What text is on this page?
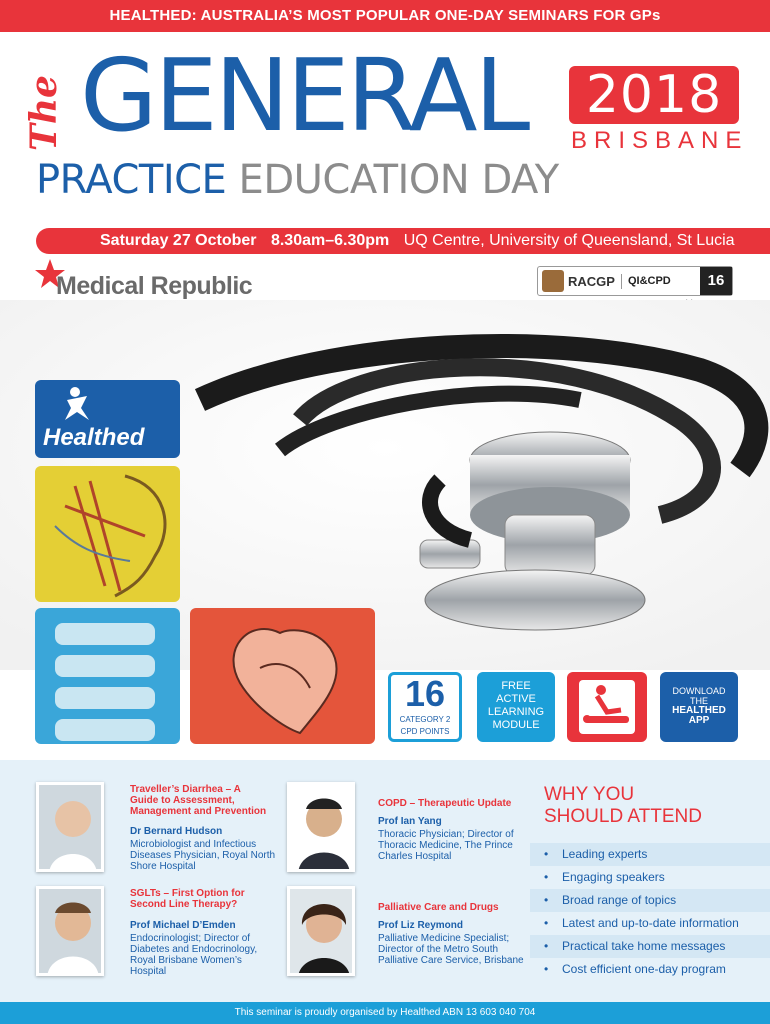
HEALTHED: AUSTRALIA’S MOST POPULAR ONE-DAY SEMINARS FOR GPs
The GENERAL	2018
BRISBANE
PRACTICE EDUCATION DAY
Saturday 27 October 8.30am–6.30pm UQ Centre, University of Queensland, St Lucia
Medical Republic	RACGP	QI&CPD	16
Healthed
16
CATEGORY 2
CPD POINTS
FREE
ACTIVE
LEARNING
MODULE
DOWNLOAD
THE
HEALTHED
APP
Traveller’s Diarrhea – A
Guide to Assessment,
Management and Prevention
Dr Bernard Hudson
Microbiologist and Infectious
Diseases Physician, Royal North
Shore Hospital
COPD – Therapeutic Update
Prof Ian Yang
Thoracic Physician; Director of
Thoracic Medicine, The Prince
Charles Hospital
SGLTs – First Option for
Second Line Therapy?
Prof Michael D’Emden
Endocrinologist; Director of
Diabetes and Endocrinology,
Royal Brisbane Women’s
Hospital
Palliative Care and Drugs
Prof Liz Reymond
Palliative Medicine Specialist;
Director of the Metro South
Palliative Care Service, Brisbane
WHY YOU
SHOULD ATTEND
• Leading experts
• Engaging speakers
• Broad range of topics
• Latest and up-to-date information
• Practical take home messages
• Cost efficient one-day program
This seminar is proudly organised by Healthed ABN 13 603 040 704
